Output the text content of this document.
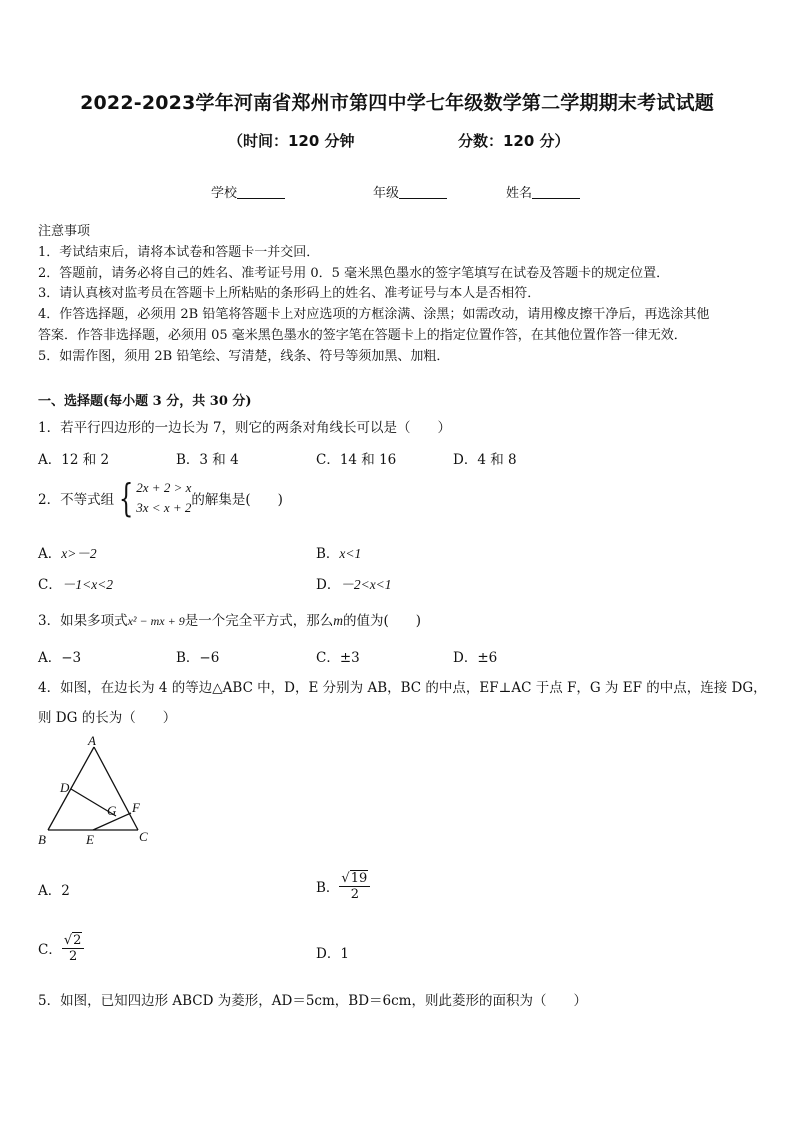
2022-2023学年河南省郑州市第四中学七年级数学第二学期期末考试试题
（时间：120 分钟	分数：120 分）
学校	年级	姓名
注意事项
1．考试结束后，请将本试卷和答题卡一并交回．
2．答题前，请务必将自己的姓名、准考证号用 0．5 毫米黑色墨水的签字笔填写在试卷及答题卡的规定位置．
3．请认真核对监考员在答题卡上所粘贴的条形码上的姓名、准考证号与本人是否相符．
4．作答选择题，必须用 2B 铅笔将答题卡上对应选项的方框涂满、涂黑；如需改动，请用橡皮擦干净后，再选涂其他
答案．作答非选择题，必须用 05 毫米黑色墨水的签字笔在答题卡上的指定位置作答，在其他位置作答一律无效．
5．如需作图，须用 2B 铅笔绘、写清楚，线条、符号等须加黑、加粗．
一、选择题(每小题 3 分，共 30 分)
1．若平行四边形的一边长为 7，则它的两条对角线长可以是（　　）
A．12 和 2	B．3 和 4	C．14 和 16	D．4 和 8
2．不等式组 { 2x + 2 > x
3x < x + 2 的解集是(　　)
A．x>－2	B．x<1
C．－1<x<2	D．－2<x<1
3．如果多项式x² − mx + 9是一个完全平方式，那么m的值为(　　)
A．−3	B．−6	C．±3	D．±6
4．如图，在边长为 4 的等边△ABC 中，D，E 分别为 AB，BC 的中点，EF⊥AC 于点 F，G 为 EF 的中点，连接 DG，
则 DG 的长为（　　）
A
D
G F
B	E	C
A．2	B． $\frac{√19}{2}$
C． $\frac{√2}{2}$	D．1
5．如图，已知四边形 ABCD 为菱形，AD＝5cm，BD＝6cm，则此菱形的面积为（　　）
